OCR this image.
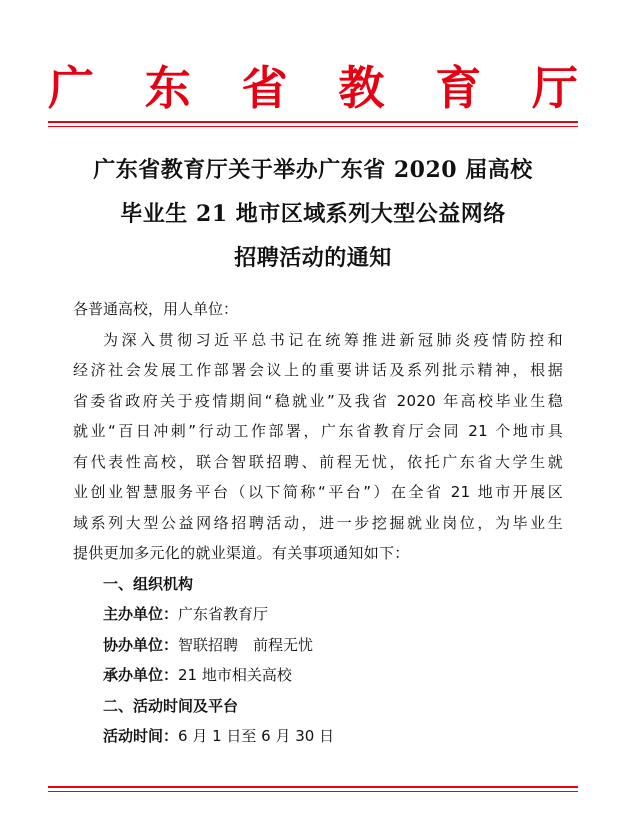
广 东 省 教 育 厅
广东省教育厅关于举办广东省 2020 届高校
毕业生 21 地市区域系列大型公益网络
招聘活动的通知

各普通高校，用人单位：

为深入贯彻习近平总书记在统筹推进新冠肺炎疫情防控和
经济社会发展工作部署会议上的重要讲话及系列批示精神，根据
省委省政府关于疫情期间“稳就业”及我省 2020 年高校毕业生稳
就业“百日冲刺”行动工作部署，广东省教育厅会同 21 个地市具
有代表性高校，联合智联招聘、前程无忧，依托广东省大学生就
业创业智慧服务平台（以下简称“平台”）在全省 21 地市开展区
域系列大型公益网络招聘活动，进一步挖掘就业岗位，为毕业生
提供更加多元化的就业渠道。有关事项通知如下：

一、组织机构

主办单位：广东省教育厅

协办单位：智联招聘　前程无忧

承办单位：21 地市相关高校

二、活动时间及平台

活动时间：6 月 1 日至 6 月 30 日
